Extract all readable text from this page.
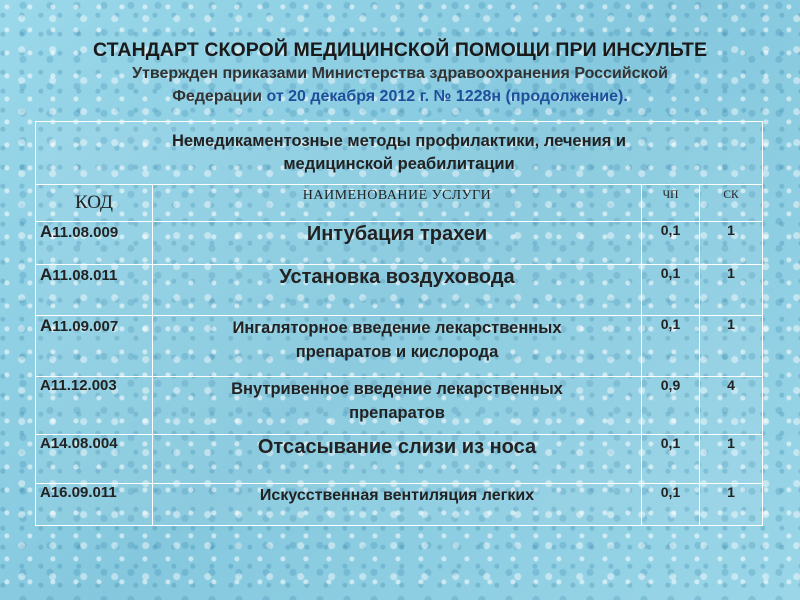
СТАНДАРТ СКОРОЙ МЕДИЦИНСКОЙ ПОМОЩИ ПРИ ИНСУЛЬТЕ
Утвержден приказами Министерства здравоохранения Российской
Федерации от 20 декабря 2012 г. № 1228н (продолжение).
Немедикаментозные методы профилактики, лечения и
медицинской реабилитации			

КОД	НАИМЕНОВАНИЕ УСЛУГИ	ЧП	СК
А11.08.009	Интубация трахеи	0,1	1
А11.08.011	Установка воздуховода	0,1	1
А11.09.007	Ингаляторное введение лекарственных
препаратов и кислорода	0,1	1
А11.12.003	Внутривенное введение лекарственных
препаратов	0,9	4
А14.08.004	Отсасывание слизи из носа	0,1	1
А16.09.011	Искусственная вентиляция легких	0,1	1
